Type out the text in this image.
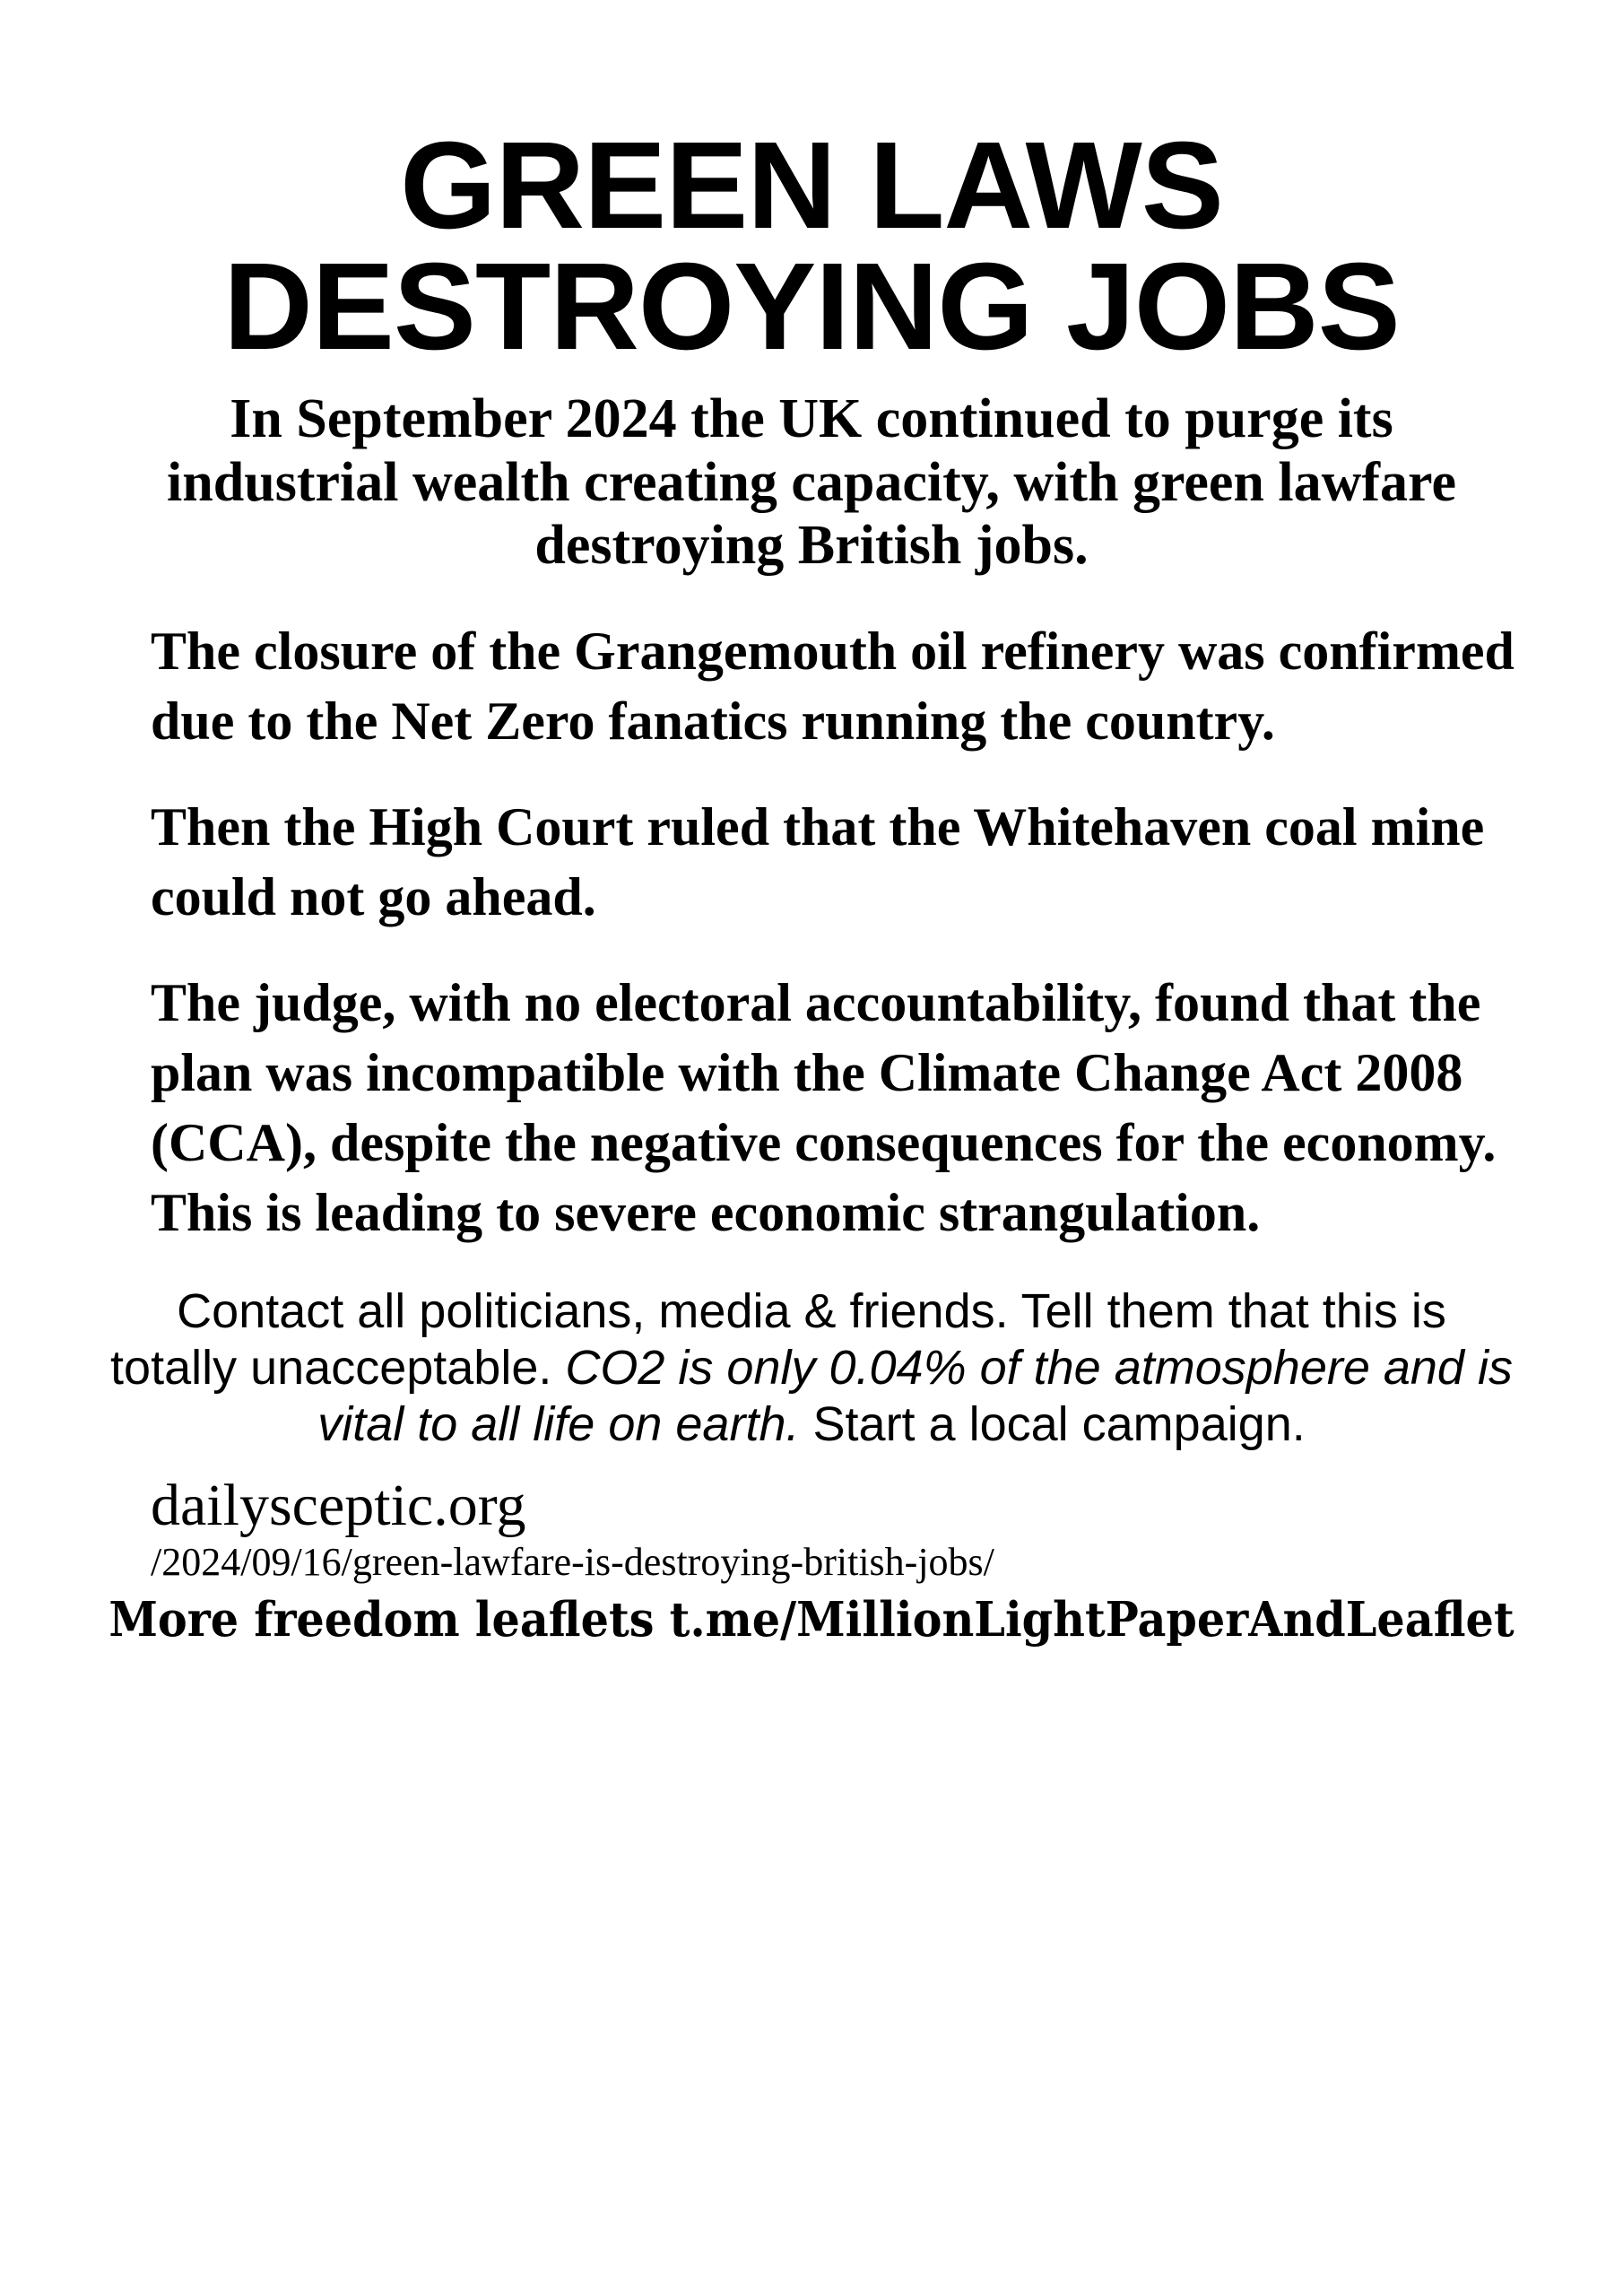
GREEN LAWS
DESTROYING JOBS
In September 2024 the UK continued to purge its industrial wealth creating capacity, with green lawfare destroying British jobs.

The closure of the Grangemouth oil refinery was confirmed due to the Net Zero fanatics running the country.

Then the High Court ruled that the Whitehaven coal mine could not go ahead.

The judge, with no electoral accountability, found that the plan was incompatible with the Climate Change Act 2008 (CCA), despite the negative consequences for the economy. This is leading to severe economic strangulation.

Contact all politicians, media & friends. Tell them that this is totally unacceptable. CO2 is only 0.04% of the atmosphere and is vital to all life on earth. Start a local campaign.
dailysceptic.org
/2024/09/16/green-lawfare-is-destroying-british-jobs/
More freedom leaflets t.me/MillionLightPaperAndLeaflet
